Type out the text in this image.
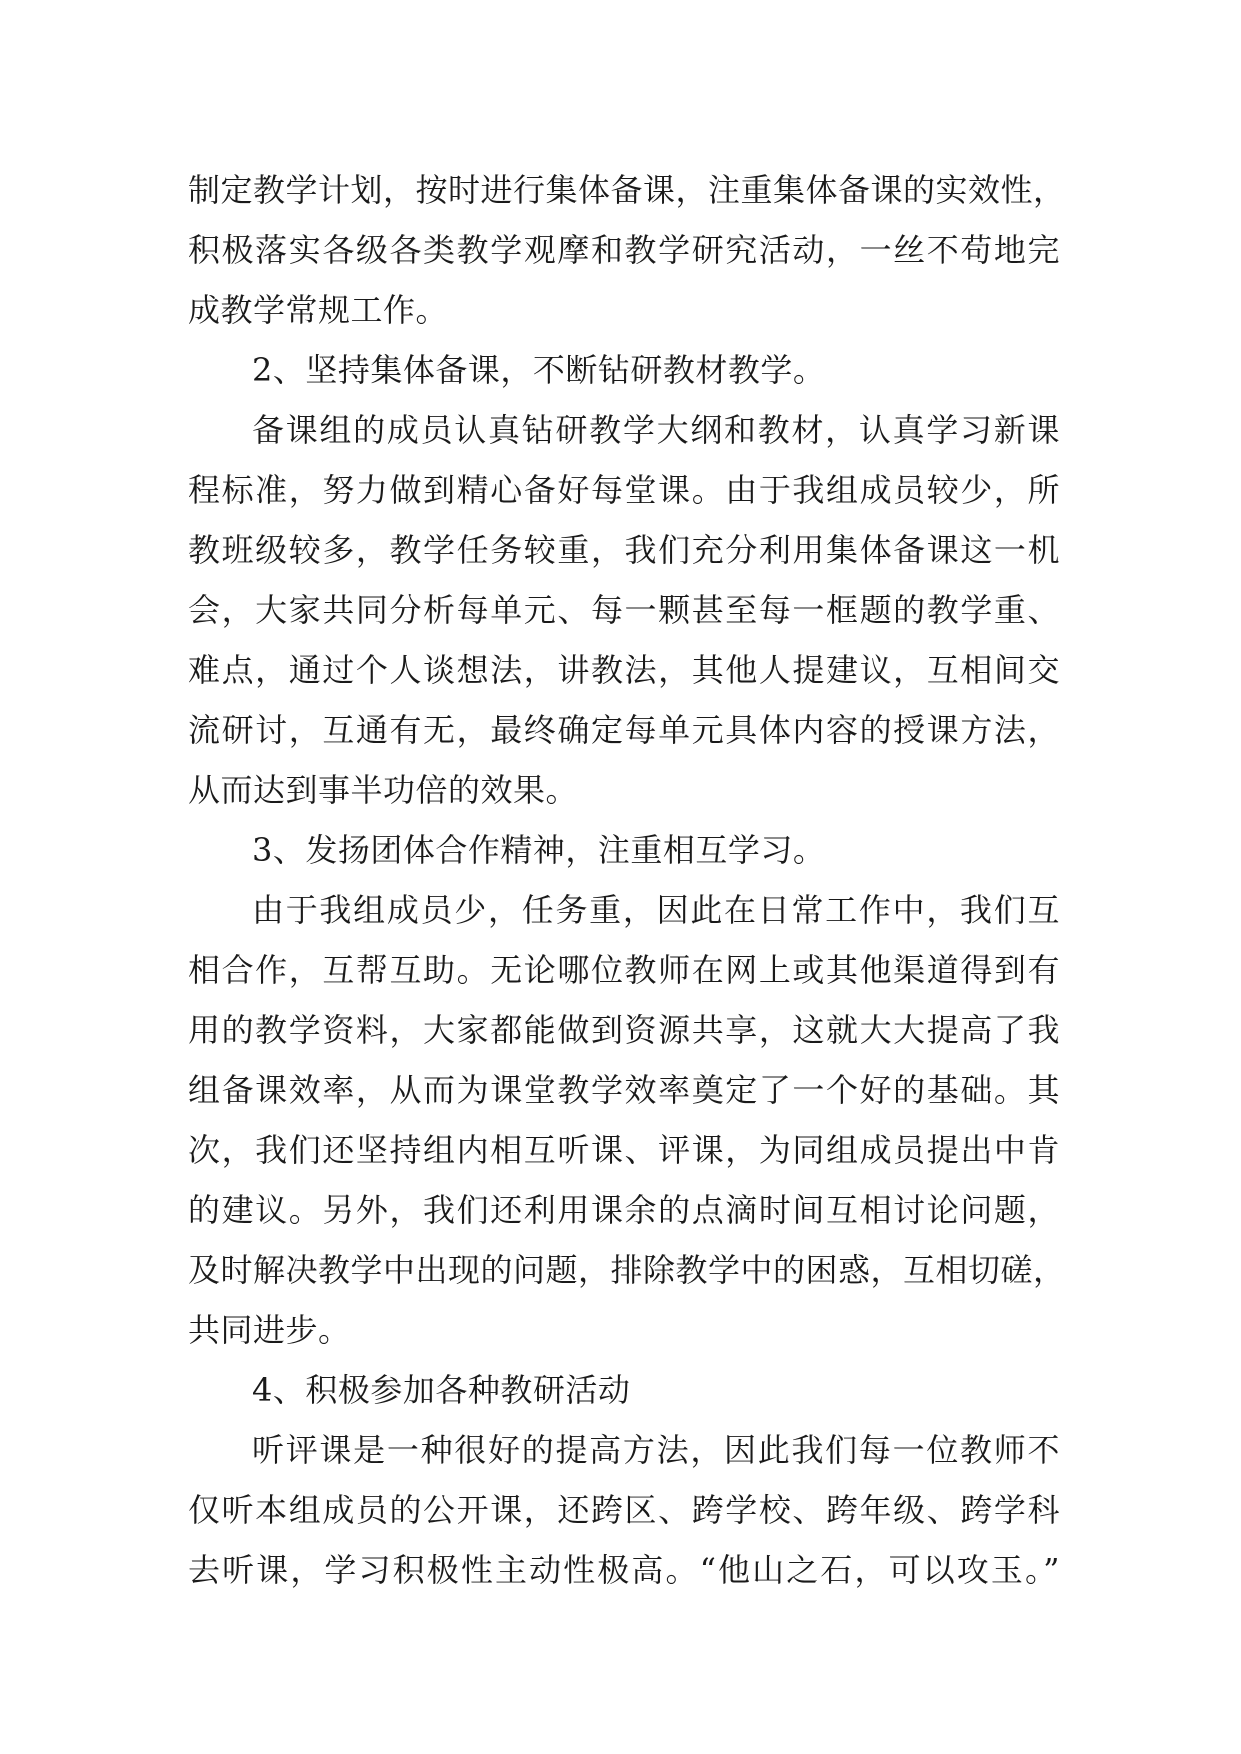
制定教学计划，按时进行集体备课，注重集体备课的实效性，
积极落实各级各类教学观摩和教学研究活动，一丝不苟地完
成教学常规工作。
2、坚持集体备课，不断钻研教材教学。
备课组的成员认真钻研教学大纲和教材，认真学习新课
程标准，努力做到精心备好每堂课。由于我组成员较少，所
教班级较多，教学任务较重，我们充分利用集体备课这一机
会，大家共同分析每单元、每一颗甚至每一框题的教学重、
难点，通过个人谈想法，讲教法，其他人提建议，互相间交
流研讨，互通有无，最终确定每单元具体内容的授课方法，
从而达到事半功倍的效果。
3、发扬团体合作精神，注重相互学习。
由于我组成员少，任务重，因此在日常工作中，我们互
相合作，互帮互助。无论哪位教师在网上或其他渠道得到有
用的教学资料，大家都能做到资源共享，这就大大提高了我
组备课效率，从而为课堂教学效率奠定了一个好的基础。其
次，我们还坚持组内相互听课、评课，为同组成员提出中肯
的建议。另外，我们还利用课余的点滴时间互相讨论问题，
及时解决教学中出现的问题，排除教学中的困惑，互相切磋，
共同进步。
4、积极参加各种教研活动
听评课是一种很好的提高方法，因此我们每一位教师不
仅听本组成员的公开课，还跨区、跨学校、跨年级、跨学科
去听课，学习积极性主动性极高。“他山之石，可以攻玉。”
